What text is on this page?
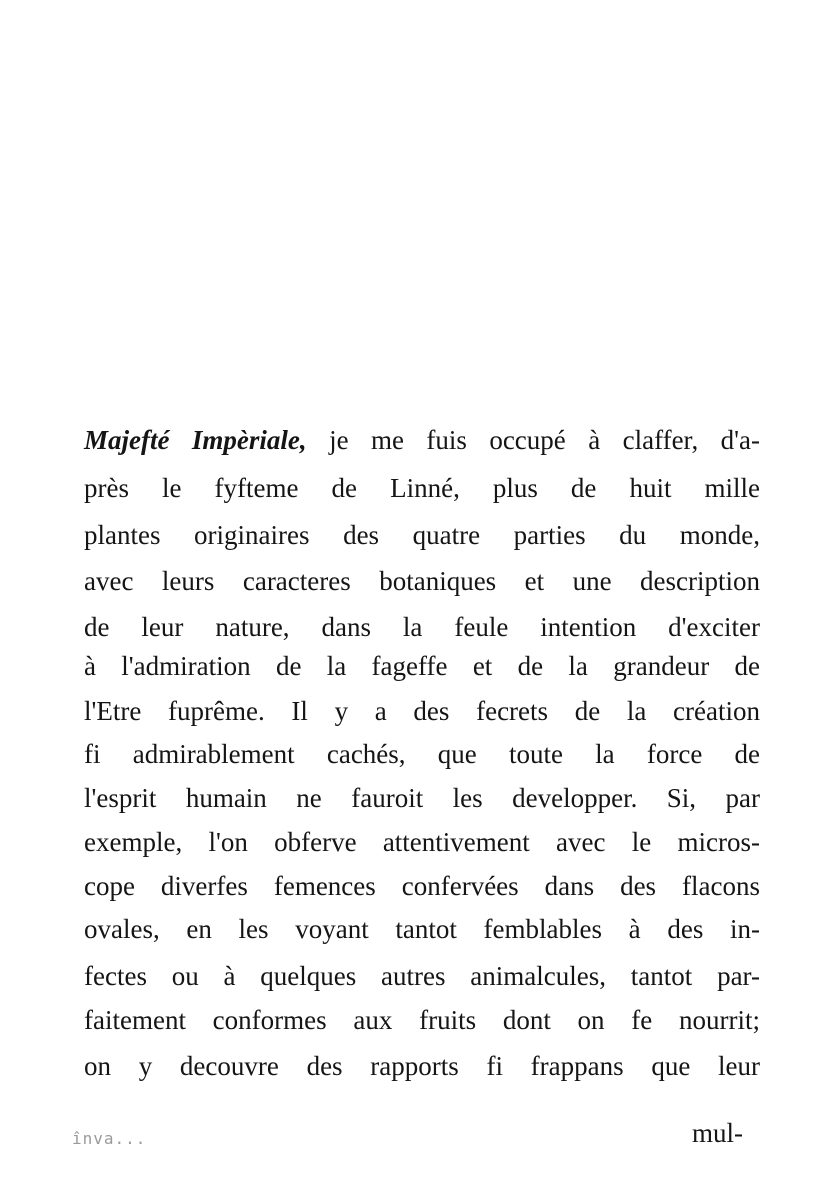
Majefté Impèriale, je me fuis occupé à claffer, d'a-
près le fyfteme de Linné, plus de huit mille
plantes originaires des quatre parties du monde,
avec leurs caracteres botaniques et une description
de leur nature, dans la feule intention d'exciter
à l'admiration de la fageffe et de la grandeur de
l'Etre fuprême. Il y a des fecrets de la création
fi admirablement cachés, que toute la force de
l'esprit humain ne fauroit les developper. Si, par
exemple, l'on obferve attentivement avec le micros-
cope diverfes femences confervées dans des flacons
ovales, en les voyant tantot femblables à des in-
fectes ou à quelques autres animalcules, tantot par-
faitement conformes aux fruits dont on fe nourrit;
on y decouvre des rapports fi frappans que leur
mul-
înva...
